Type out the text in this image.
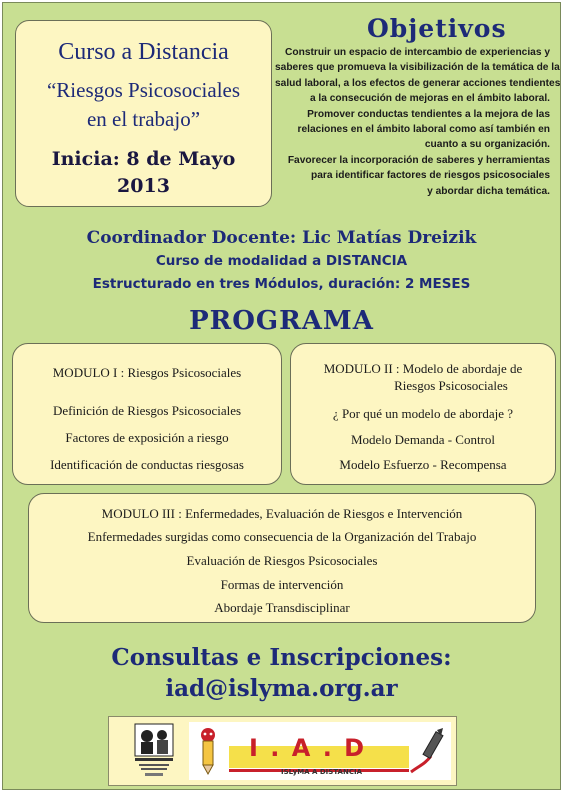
Curso a Distancia
“Riesgos Psicosociales
en el trabajo”
Inicia: 8 de Mayo
2013
Objetivos
Construir un espacio de intercambio de experiencias y
saberes que promueva la visibilización de la temática de la
salud laboral, a los efectos de generar acciones tendientes
a la consecución de mejoras en el ámbito laboral.
Promover conductas tendientes a la mejora de las
relaciones en el ámbito laboral como así también en
cuanto a su organización.
Favorecer la incorporación de saberes y herramientas
para identificar factores de riesgos psicosociales
y abordar dicha temática.
Coordinador Docente: Lic Matías Dreizik
Curso de modalidad a DISTANCIA
Estructurado en tres Módulos, duración: 2 MESES
PROGRAMA
MODULO I : Riesgos Psicosociales
Definición de Riesgos Psicosociales
Factores de exposición a riesgo
Identificación de conductas riesgosas
MODULO II : Modelo de abordaje de
Riesgos Psicosociales
¿ Por qué un modelo de abordaje ?
Modelo Demanda - Control
Modelo Esfuerzo - Recompensa
MODULO III : Enfermedades, Evaluación de Riesgos e Intervención
Enfermedades surgidas como consecuencia de la Organización del Trabajo
Evaluación de Riesgos Psicosociales
Formas de intervención
Abordaje Transdisciplinar
Consultas e Inscripciones:
iad@islyma.org.ar
I . A . D
ISLyMA A DISTANCIA
